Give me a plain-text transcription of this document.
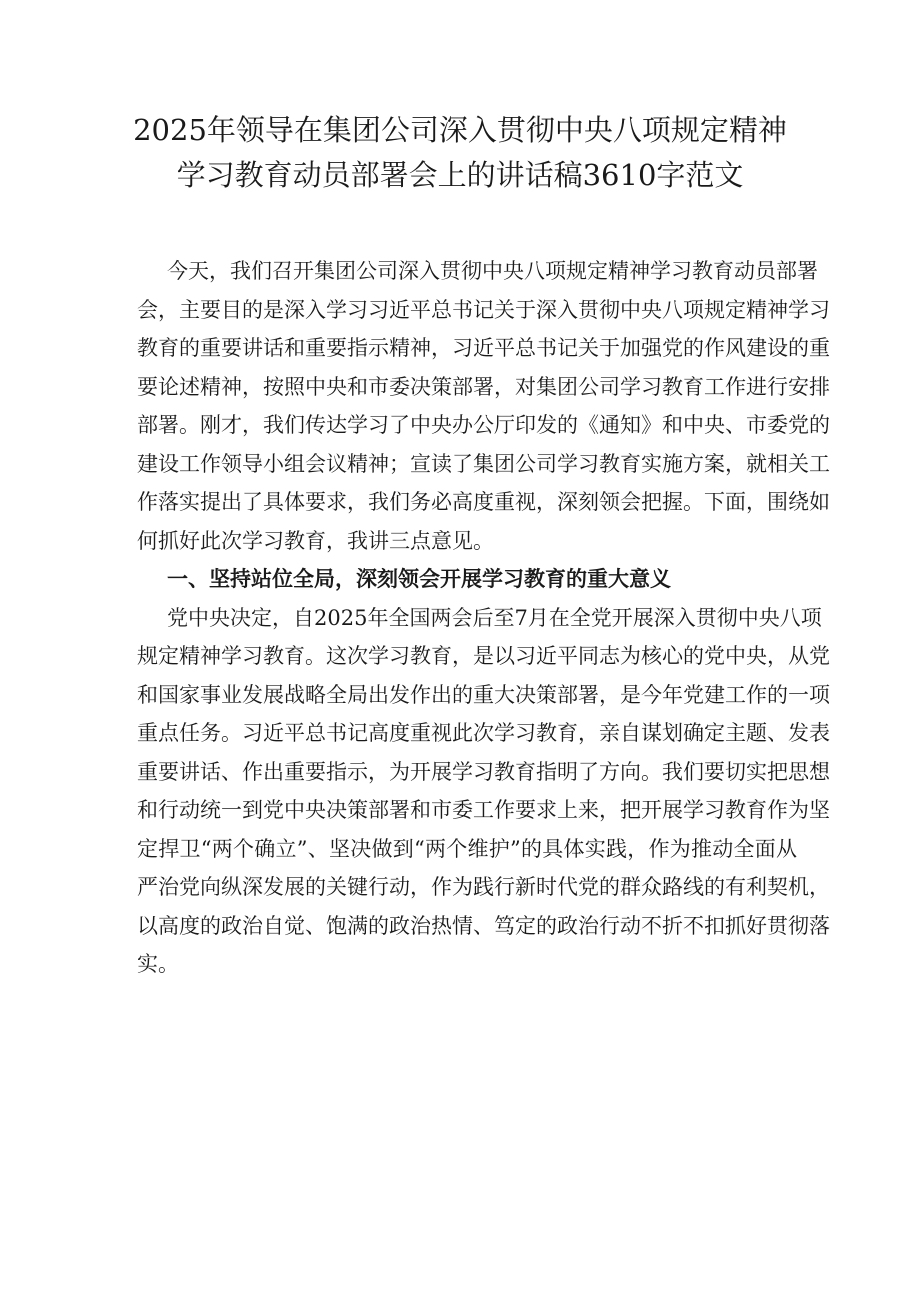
2025年领导在集团公司深入贯彻中央八项规定精神
学习教育动员部署会上的讲话稿3610字范文

今天，我们召开集团公司深入贯彻中央八项规定精神学习教育动员部署
会，主要目的是深入学习习近平总书记关于深入贯彻中央八项规定精神学习
教育的重要讲话和重要指示精神，习近平总书记关于加强党的作风建设的重
要论述精神，按照中央和市委决策部署，对集团公司学习教育工作进行安排
部署。刚才，我们传达学习了中央办公厅印发的《通知》和中央、市委党的
建设工作领导小组会议精神；宣读了集团公司学习教育实施方案，就相关工
作落实提出了具体要求，我们务必高度重视，深刻领会把握。下面，围绕如
何抓好此次学习教育，我讲三点意见。

一、坚持站位全局，深刻领会开展学习教育的重大意义

党中央决定，自2025年全国两会后至7月在全党开展深入贯彻中央八项
规定精神学习教育。这次学习教育，是以习近平同志为核心的党中央，从党
和国家事业发展战略全局出发作出的重大决策部署，是今年党建工作的一项
重点任务。习近平总书记高度重视此次学习教育，亲自谋划确定主题、发表
重要讲话、作出重要指示，为开展学习教育指明了方向。我们要切实把思想
和行动统一到党中央决策部署和市委工作要求上来，把开展学习教育作为坚
定捍卫“两个确立”、坚决做到“两个维护”的具体实践，作为推动全面从
严治党向纵深发展的关键行动，作为践行新时代党的群众路线的有利契机，
以高度的政治自觉、饱满的政治热情、笃定的政治行动不折不扣抓好贯彻落
实。
